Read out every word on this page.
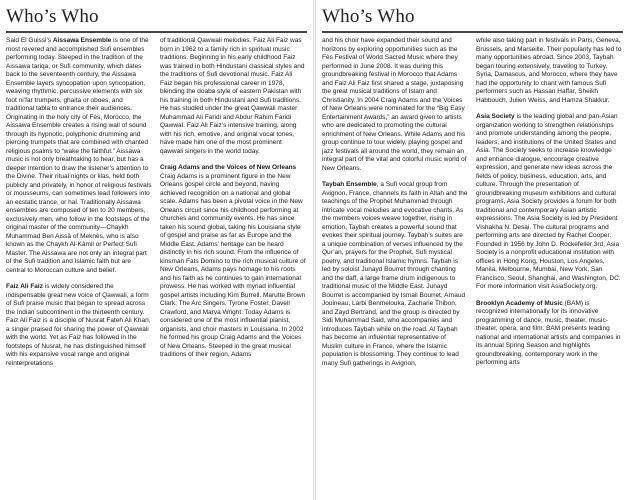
Who’s Who

Said El Guissi’s Aissawa Ensemble is one of the most revered and accomplished Sufi ensembles performing today. Steeped in the tradition of the Aissawa tariqa, or Sufi community, which dates back to the seventeenth century, the Aissawa Ensemble layers syncopation upon syncopation, weaving rhythmic, percussive elements with six foot ni’far trumpets, ghaita or oboes, and traditional tabla to entrance their audiences. Originating in the holy city of Fès, Morocco, the Aissawa Ensemble creates a rising wall of sound through its hypnotic, polyphonic drumming and piercing trumpets that are combined with chanted religious psalms to “wake the faithful.” Aissawa music is not only breathtaking to hear, but has a deeper intention to draw the listener’s attention to the Divine. Their ritual nights or lilas, held both publicly and privately, in honor of religious festivals or mousseums, can sometimes lead followers into an ecstatic trance, or hal. Traditionally Aissawa ensembles are composed of ten to 20 members, exclusively men, who follow in the footsteps of the original master of the community—Chaykh Muhammad Ben Aissâ of Meknès, who is also known as the Chaykh Al-Kâmil or Perfect Sufi Master. The Aissawa are not only an integral part of the Sufi tradition and Islamic faith but are central to Moroccan culture and belief.

Faiz Ali Faiz is widely considered the indispensable great new voice of Qawwali, a form of Sufi praise music that began to spread across the Indian subcontinent in the thirteenth century. Faiz Ali Faiz is a disciple of Nusrat Fateh Ali Khan, a singer praised for sharing the power of Qawwali with the world. Yet as Faiz has followed in the footsteps of Nusrat, he has distinguished himself with his expansive vocal range and original reinterpretations

of traditional Qawwali melodies. Faiz Ali Faiz was born in 1962 to a family rich in spiritual music traditions. Beginning in his early childhood Faiz was trained in both Hindustani classical styles and the traditions of Sufi devotional music. Faiz Ali Faiz began his professional career in 1978, blending the doaba style of eastern Pakistan with his training in both Hindustani and Sufi traditions. He has studied under the great Qawwali master Muhammad Ali Faridi and Abdur Rahim Faridi Qawwal. Faiz Ali Faiz’s intensive training, along with his rich, emotive, and original vocal tones, have made him one of the most prominent qawwali singers in the world today.

Craig Adams and the Voices of New Orleans

Craig Adams is a prominent figure in the New Orleans gospel circle and beyond, having achieved recognition on a national and global scale. Adams has been a pivotal voice in the New Orleans circuit since his childhood performing at churches and community events. He has since taken his sound global, taking his Louisiana style of gospel and praise as far as Europe and the Middle East. Adams’ heritage can be heard distinctly in his rich sound. From the influence of kinsman Fats Domino to the rich musical culture of New Orleans, Adams pays homage to his roots and his faith as he continues to gain international prowess. He has worked with myriad influential gospel artists including Kim Burrell, Marutte Brown Clark, The Arc Singers, Tyrone Foster, Davell Crawford, and Marva Wright. Today Adams is considered one of the most influential pianist, organists, and choir masters in Louisiana. In 2002 he formed his group Craig Adams and the Voices of New Orleans. Steeped in the great musical traditions of their region, Adams

Who’s Who

and his choir have expanded their sound and horizons by exploring opportunities such as the Fès Festival of World Sacred Music where they performed in June 2008. It was during this groundbreaking festival in Morocco that Adams and Faiz Ali Faiz first shared a stage, juxtaposing the great musical traditions of Islam and Christianity. In 2004 Craig Adams and the Voices of New Orleans were nominated for the “Big Easy Entertainment Awards,” an award given to artists who are dedicated to promoting the cultural enrichment of New Orleans. While Adams and his group continue to tour widely, playing gospel and jazz festivals all around the world, they remain an integral part of the vital and colorful music world of New Orleans.

Taybah Ensemble, a Sufi vocal group from Avignon, France, channels its faith in Allah and the teachings of the Prophet Muhammad through intricate vocal melodies and evocative chants. As the members voices weave together, rising in emotion, Taybah creates a powerful sound that evokes their spiritual journey. Taybah’s suites are a unique combination of verses influenced by the Qur’an, prayers for the Prophet, Sufi mystical poetry, and traditional Islamic hymns. Taybah is led by soloist Junayd Bourret through chanting and the daff, a large frame drum indigenous to traditional music of the Middle East. Junayd Bourret is accompanied by Ismail Bourret, Arnaud Jouineau, Larbi Benmelouka, Zacharie Thibon, and Zayd Bertrand, and the group is directed by Sidi Muhammad Said, who accompanies and introduces Taybah while on the road. Al Taybah has become an influential representative of Muslim culture in France, where the Islamic population is blossoming. They continue to lead many Sufi gatherings in Avignon,

while also taking part in festivals in Paris, Geneva, Brussels, and Marseille. Their popularity has led to many opportunities abroad. Since 2003, Taybah began touring extensively, traveling to Turkey, Syria, Damascus, and Morocco, where they have had the opportunity to chant with famous Sufi performers such as Hassan Haffar, Sheikh Habbouch, Julien Weiss, and Hamza Shakkur.

Asia Society is the leading global and pan-Asian organization working to strengthen relationships and promote understanding among the people, leaders, and institutions of the United States and Asia. The Society seeks to increase knowledge and enhance dialogue, encourage creative expression, and generate new ideas across the fields of policy, business, education, arts, and culture. Through the presentation of groundbreaking museum exhibitions and cultural programs, Asia Society provides a forum for both traditional and contemporary Asian artistic expressions. The Asia Society is led by President Vishakha N. Desai. The cultural programs and performing arts are directed by Rachel Cooper. Founded in 1956 by John D. Rockefeller 3rd, Asia Society is a nonprofit educational institution with offices in Hong Kong, Houston, Los Angeles, Manila, Melbourne, Mumbai, New York, San Francisco, Seoul, Shanghai, and Washington, DC. For more information visit AsiaSociety.org.

Brooklyn Academy of Music (BAM) is recognized internationally for its innovative programming of dance, music, theater, music-theater, opera, and film. BAM presents leading national and international artists and companies in its annual Spring Season and highlights groundbreaking, contemporary work in the performing arts
